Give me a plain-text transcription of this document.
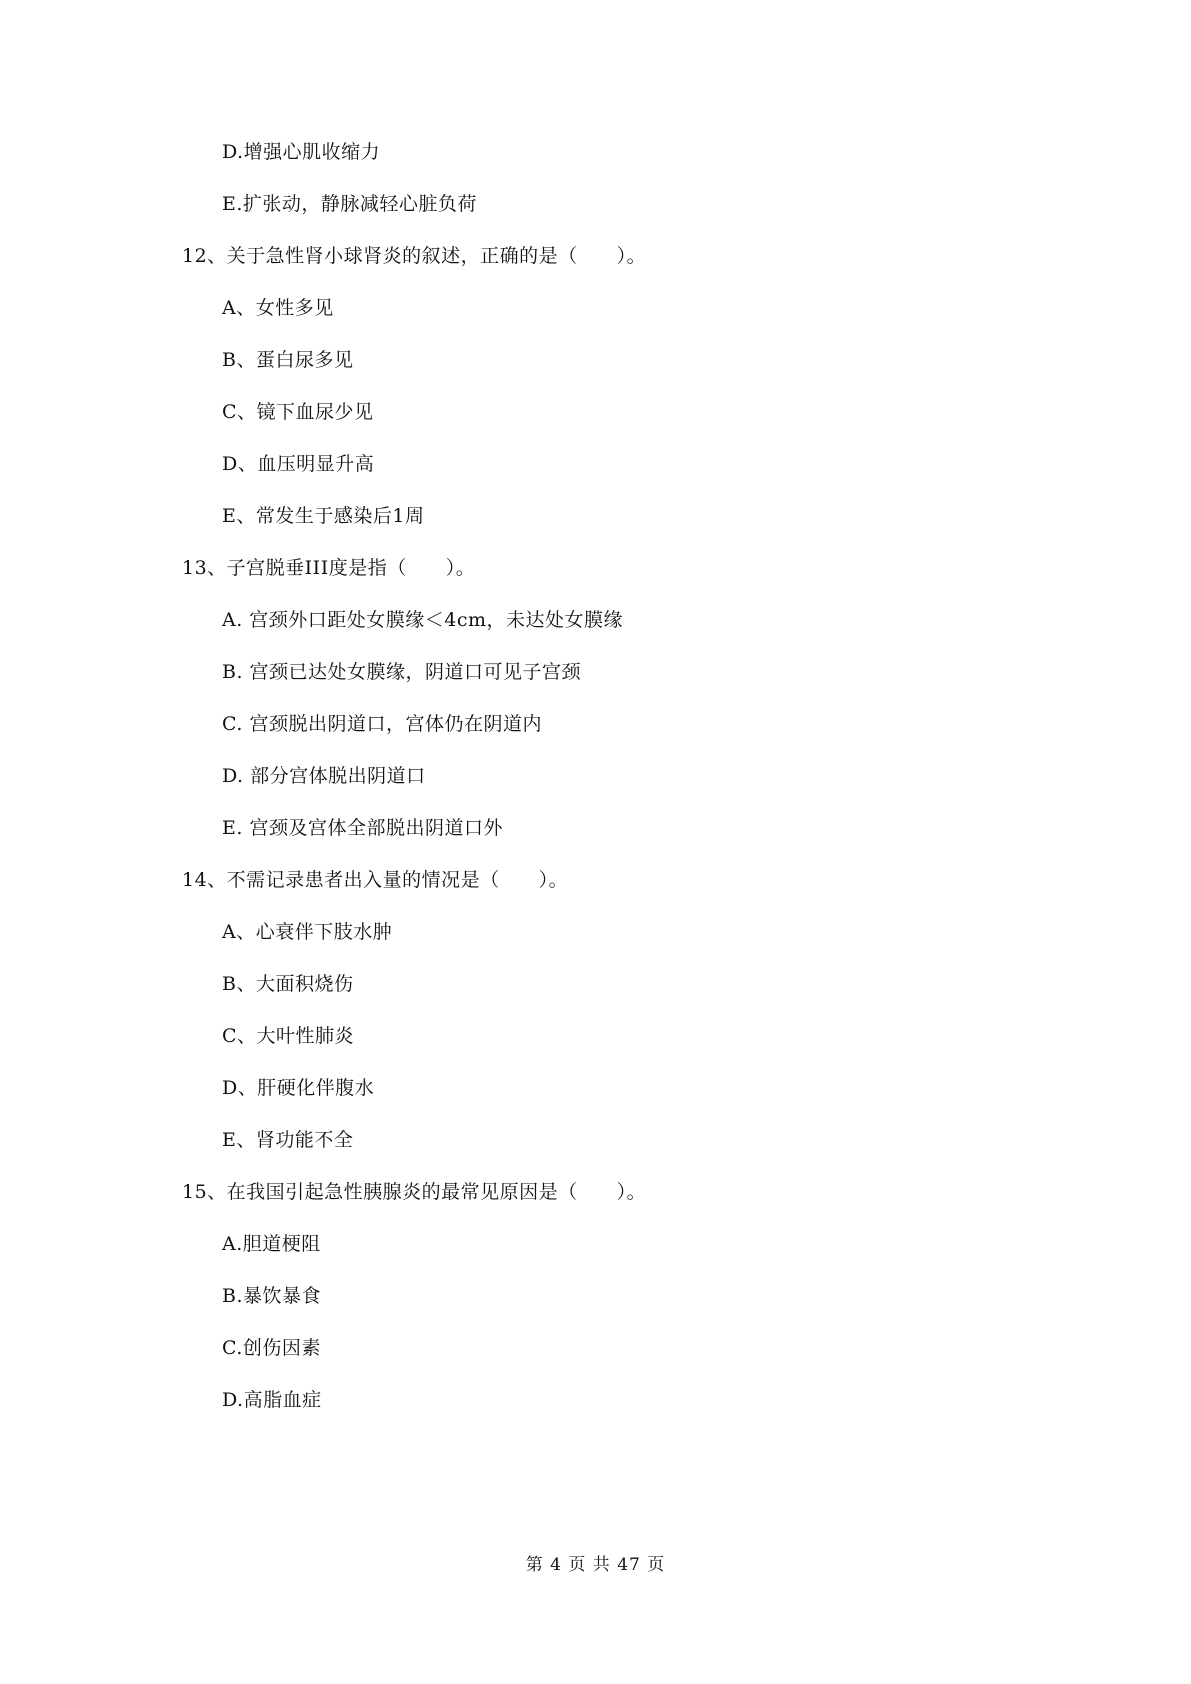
D.增强心肌收缩力
E.扩张动，静脉减轻心脏负荷
12、关于急性肾小球肾炎的叙述，正确的是（　　）。
A、女性多见
B、蛋白尿多见
C、镜下血尿少见
D、血压明显升高
E、常发生于感染后1周
13、子宫脱垂III度是指（　　）。
A. 宫颈外口距处女膜缘＜4cm，未达处女膜缘
B. 宫颈已达处女膜缘，阴道口可见子宫颈
C. 宫颈脱出阴道口，宫体仍在阴道内
D. 部分宫体脱出阴道口
E. 宫颈及宫体全部脱出阴道口外
14、不需记录患者出入量的情况是（　　）。
A、心衰伴下肢水肿
B、大面积烧伤
C、大叶性肺炎
D、肝硬化伴腹水
E、肾功能不全
15、在我国引起急性胰腺炎的最常见原因是（　　）。
A.胆道梗阻
B.暴饮暴食
C.创伤因素
D.高脂血症
第 4 页 共 47 页
